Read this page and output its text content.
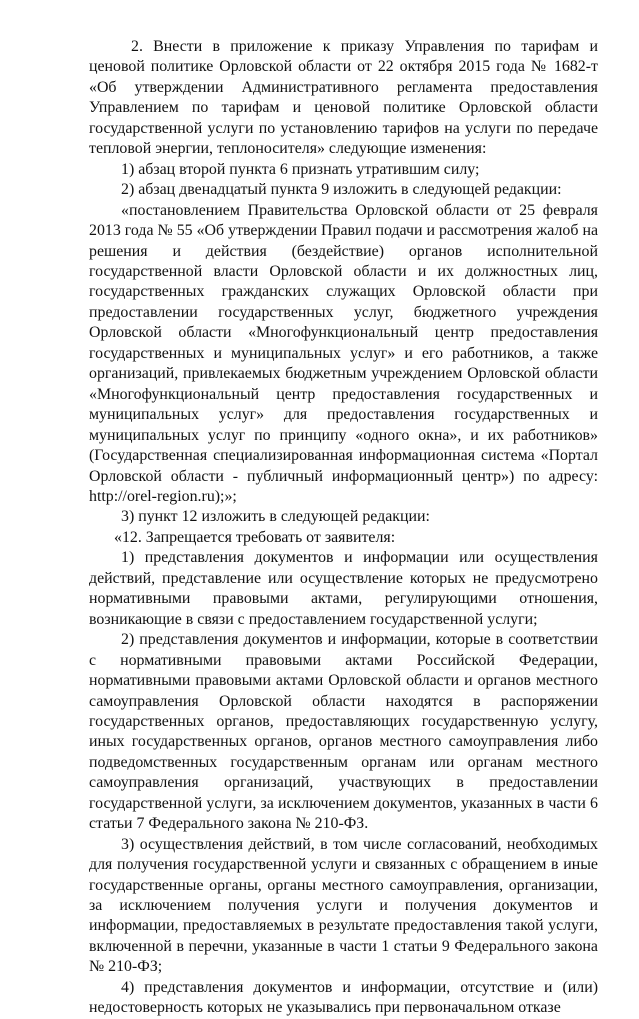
2. Внести в приложение к приказу Управления по тарифам и ценовой политике Орловской области от 22 октября 2015 года № 1682-т «Об утверждении Административного регламента предоставления Управлением по тарифам и ценовой политике Орловской области государственной услуги по установлению тарифов на услуги по передаче тепловой энергии, теплоносителя» следующие изменения:

1) абзац второй пункта 6 признать утратившим силу;

2) абзац двенадцатый пункта 9 изложить в следующей редакции:

«постановлением Правительства Орловской области от 25 февраля 2013 года № 55 «Об утверждении Правил подачи и рассмотрения жалоб на решения и действия (бездействие) органов исполнительной государственной власти Орловской области и их должностных лиц, государственных гражданских служащих Орловской области при предоставлении государственных услуг, бюджетного учреждения Орловской области «Многофункциональный центр предоставления государственных и муниципальных услуг» и его работников, а также организаций, привлекаемых бюджетным учреждением Орловской области «Многофункциональный центр предоставления государственных и муниципальных услуг» для предоставления государственных и муниципальных услуг по принципу «одного окна», и их работников» (Государственная специализированная информационная система «Портал Орловской области - публичный информационный центр») по адресу: http://orel-region.ru);»;

3) пункт 12 изложить в следующей редакции:

«12. Запрещается требовать от заявителя:

1) представления документов и информации или осуществления действий, представление или осуществление которых не предусмотрено нормативными правовыми актами, регулирующими отношения, возникающие в связи с предоставлением государственной услуги;

2) представления документов и информации, которые в соответствии с нормативными правовыми актами Российской Федерации, нормативными правовыми актами Орловской области и органов местного самоуправления Орловской области находятся в распоряжении государственных органов, предоставляющих государственную услугу, иных государственных органов, органов местного самоуправления либо подведомственных государственным органам или органам местного самоуправления организаций, участвующих в предоставлении государственной услуги, за исключением документов, указанных в части 6 статьи 7 Федерального закона № 210-ФЗ.

3) осуществления действий, в том числе согласований, необходимых для получения государственной услуги и связанных с обращением в иные государственные органы, органы местного самоуправления, организации, за исключением получения услуги и получения документов и информации, предоставляемых в результате предоставления такой услуги, включенной в перечни, указанные в части 1 статьи 9 Федерального закона № 210-ФЗ;

4) представления документов и информации, отсутствие и (или) недостоверность которых не указывались при первоначальном отказе
